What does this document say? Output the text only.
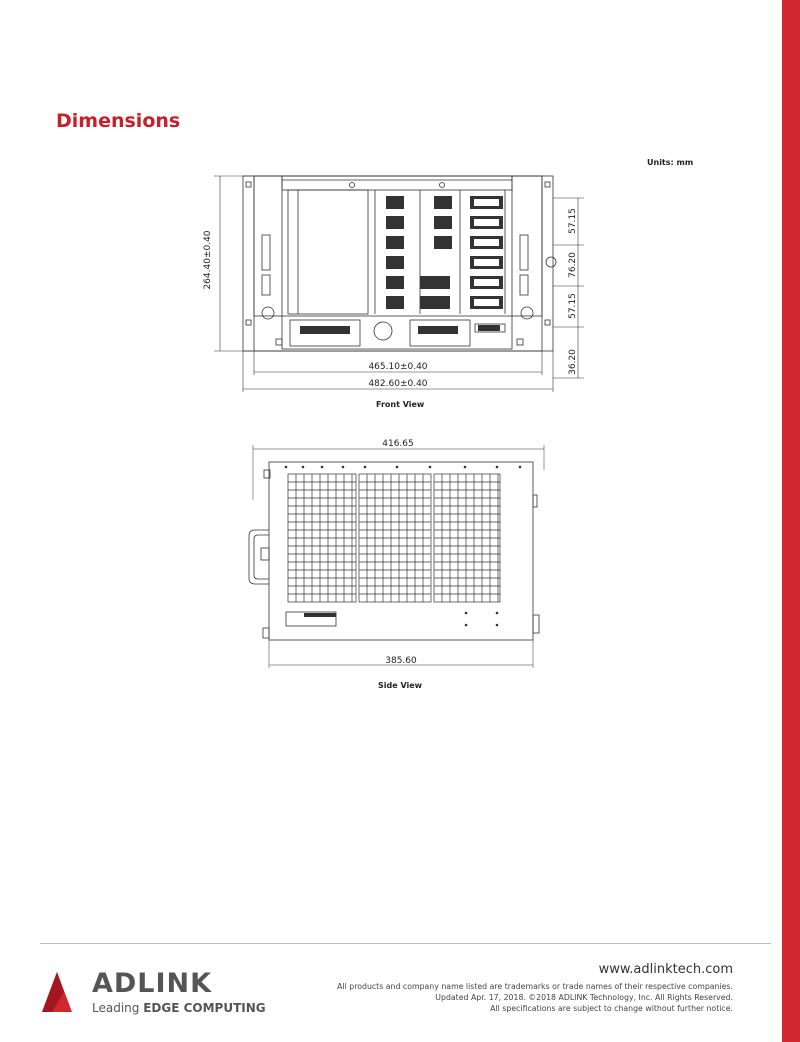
Dimensions
Units: mm
264.40±0.40
465.10±0.40
482.60±0.40
57.15
76.20
57.15
36.20
Front View
416.65
385.60
Side View
ADLINK
Leading EDGE COMPUTING
www.adlinktech.com
All products and company name listed are trademarks or trade names of their respective companies.
Updated Apr. 17, 2018. ©2018 ADLINK Technology, Inc. All Rights Reserved.
All specifications are subject to change without further notice.
